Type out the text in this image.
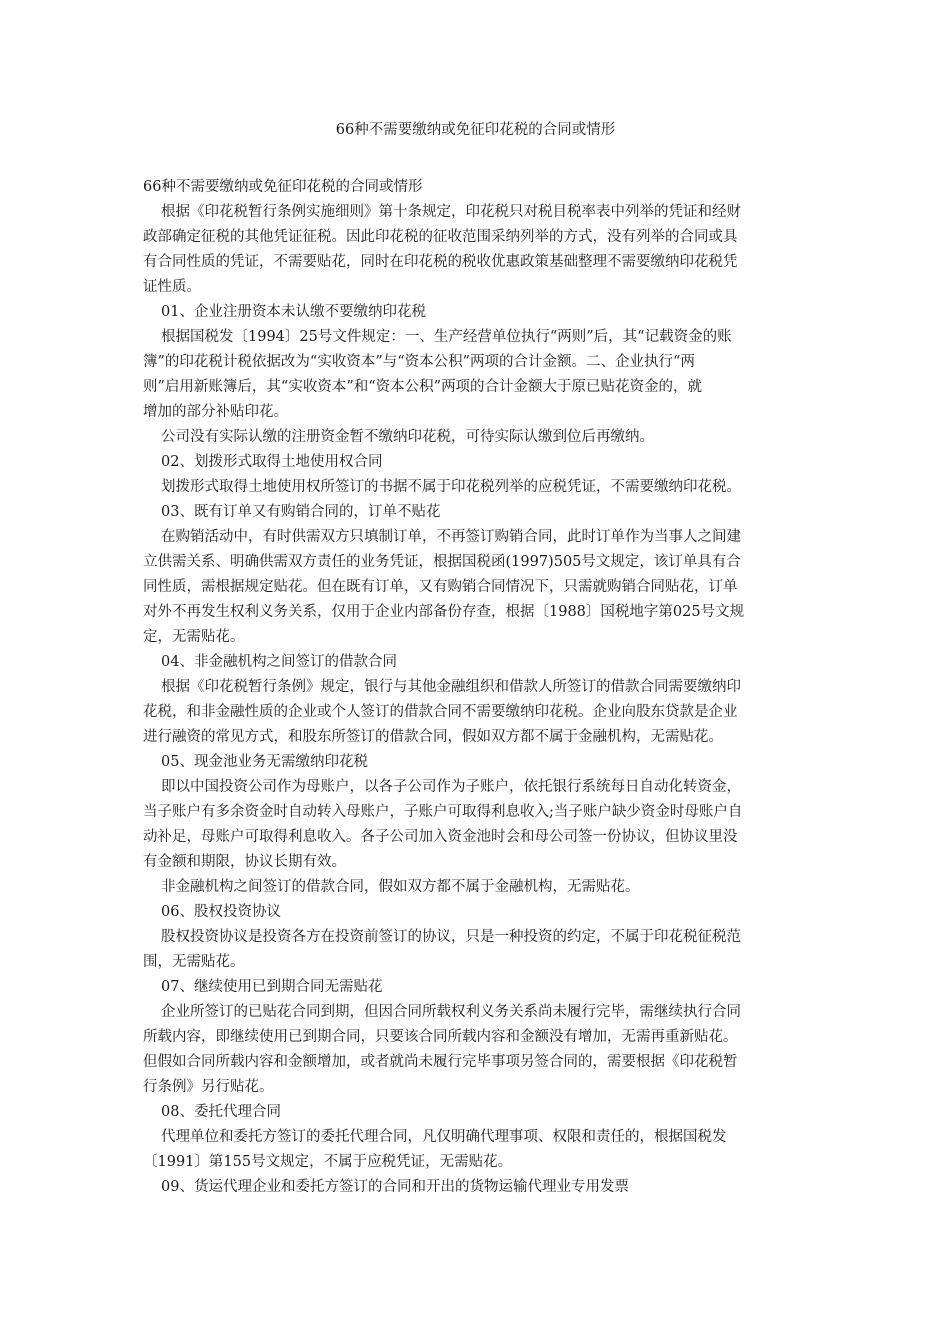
66种不需要缴纳或免征印花税的合同或情形
66种不需要缴纳或免征印花税的合同或情形
根据《印花税暂行条例实施细则》第十条规定，印花税只对税目税率表中列举的凭证和经财
政部确定征税的其他凭证征税。因此印花税的征收范围采纳列举的方式，没有列举的合同或具
有合同性质的凭证，不需要贴花，同时在印花税的税收优惠政策基础整理不需要缴纳印花税凭
证性质。
01、企业注册资本未认缴不要缴纳印花税
根据国税发〔1994〕25号文件规定：一、生产经营单位执行“两则”后，其“记载资金的账
簿”的印花税计税依据改为“实收资本”与“资本公积”两项的合计金额。二、企业执行“两
则”启用新账簿后，其“实收资本”和“资本公积”两项的合计金额大于原已贴花资金的，就
增加的部分补贴印花。
公司没有实际认缴的注册资金暂不缴纳印花税，可待实际认缴到位后再缴纳。
02、划拨形式取得土地使用权合同
划拨形式取得土地使用权所签订的书据不属于印花税列举的应税凭证，不需要缴纳印花税。
03、既有订单又有购销合同的，订单不贴花
在购销活动中，有时供需双方只填制订单，不再签订购销合同，此时订单作为当事人之间建
立供需关系、明确供需双方责任的业务凭证，根据国税函(1997)505号文规定，该订单具有合
同性质，需根据规定贴花。但在既有订单，又有购销合同情况下，只需就购销合同贴花，订单
对外不再发生权利义务关系，仅用于企业内部备份存查，根据〔1988〕国税地字第025号文规
定，无需贴花。
04、非金融机构之间签订的借款合同
根据《印花税暂行条例》规定，银行与其他金融组织和借款人所签订的借款合同需要缴纳印
花税，和非金融性质的企业或个人签订的借款合同不需要缴纳印花税。企业向股东贷款是企业
进行融资的常见方式，和股东所签订的借款合同，假如双方都不属于金融机构，无需贴花。
05、现金池业务无需缴纳印花税
即以中国投资公司作为母账户，以各子公司作为子账户，依托银行系统每日自动化转资金，
当子账户有多余资金时自动转入母账户，子账户可取得利息收入;当子账户缺少资金时母账户自
动补足，母账户可取得利息收入。各子公司加入资金池时会和母公司签一份协议，但协议里没
有金额和期限，协议长期有效。
非金融机构之间签订的借款合同，假如双方都不属于金融机构，无需贴花。
06、股权投资协议
股权投资协议是投资各方在投资前签订的协议，只是一种投资的约定，不属于印花税征税范
围，无需贴花。
07、继续使用已到期合同无需贴花
企业所签订的已贴花合同到期，但因合同所载权利义务关系尚未履行完毕，需继续执行合同
所载内容，即继续使用已到期合同，只要该合同所载内容和金额没有增加，无需再重新贴花。
但假如合同所载内容和金额增加，或者就尚未履行完毕事项另签合同的，需要根据《印花税暂
行条例》另行贴花。
08、委托代理合同
代理单位和委托方签订的委托代理合同，凡仅明确代理事项、权限和责任的，根据国税发
〔1991〕第155号文规定，不属于应税凭证，无需贴花。
09、货运代理企业和委托方签订的合同和开出的货物运输代理业专用发票
